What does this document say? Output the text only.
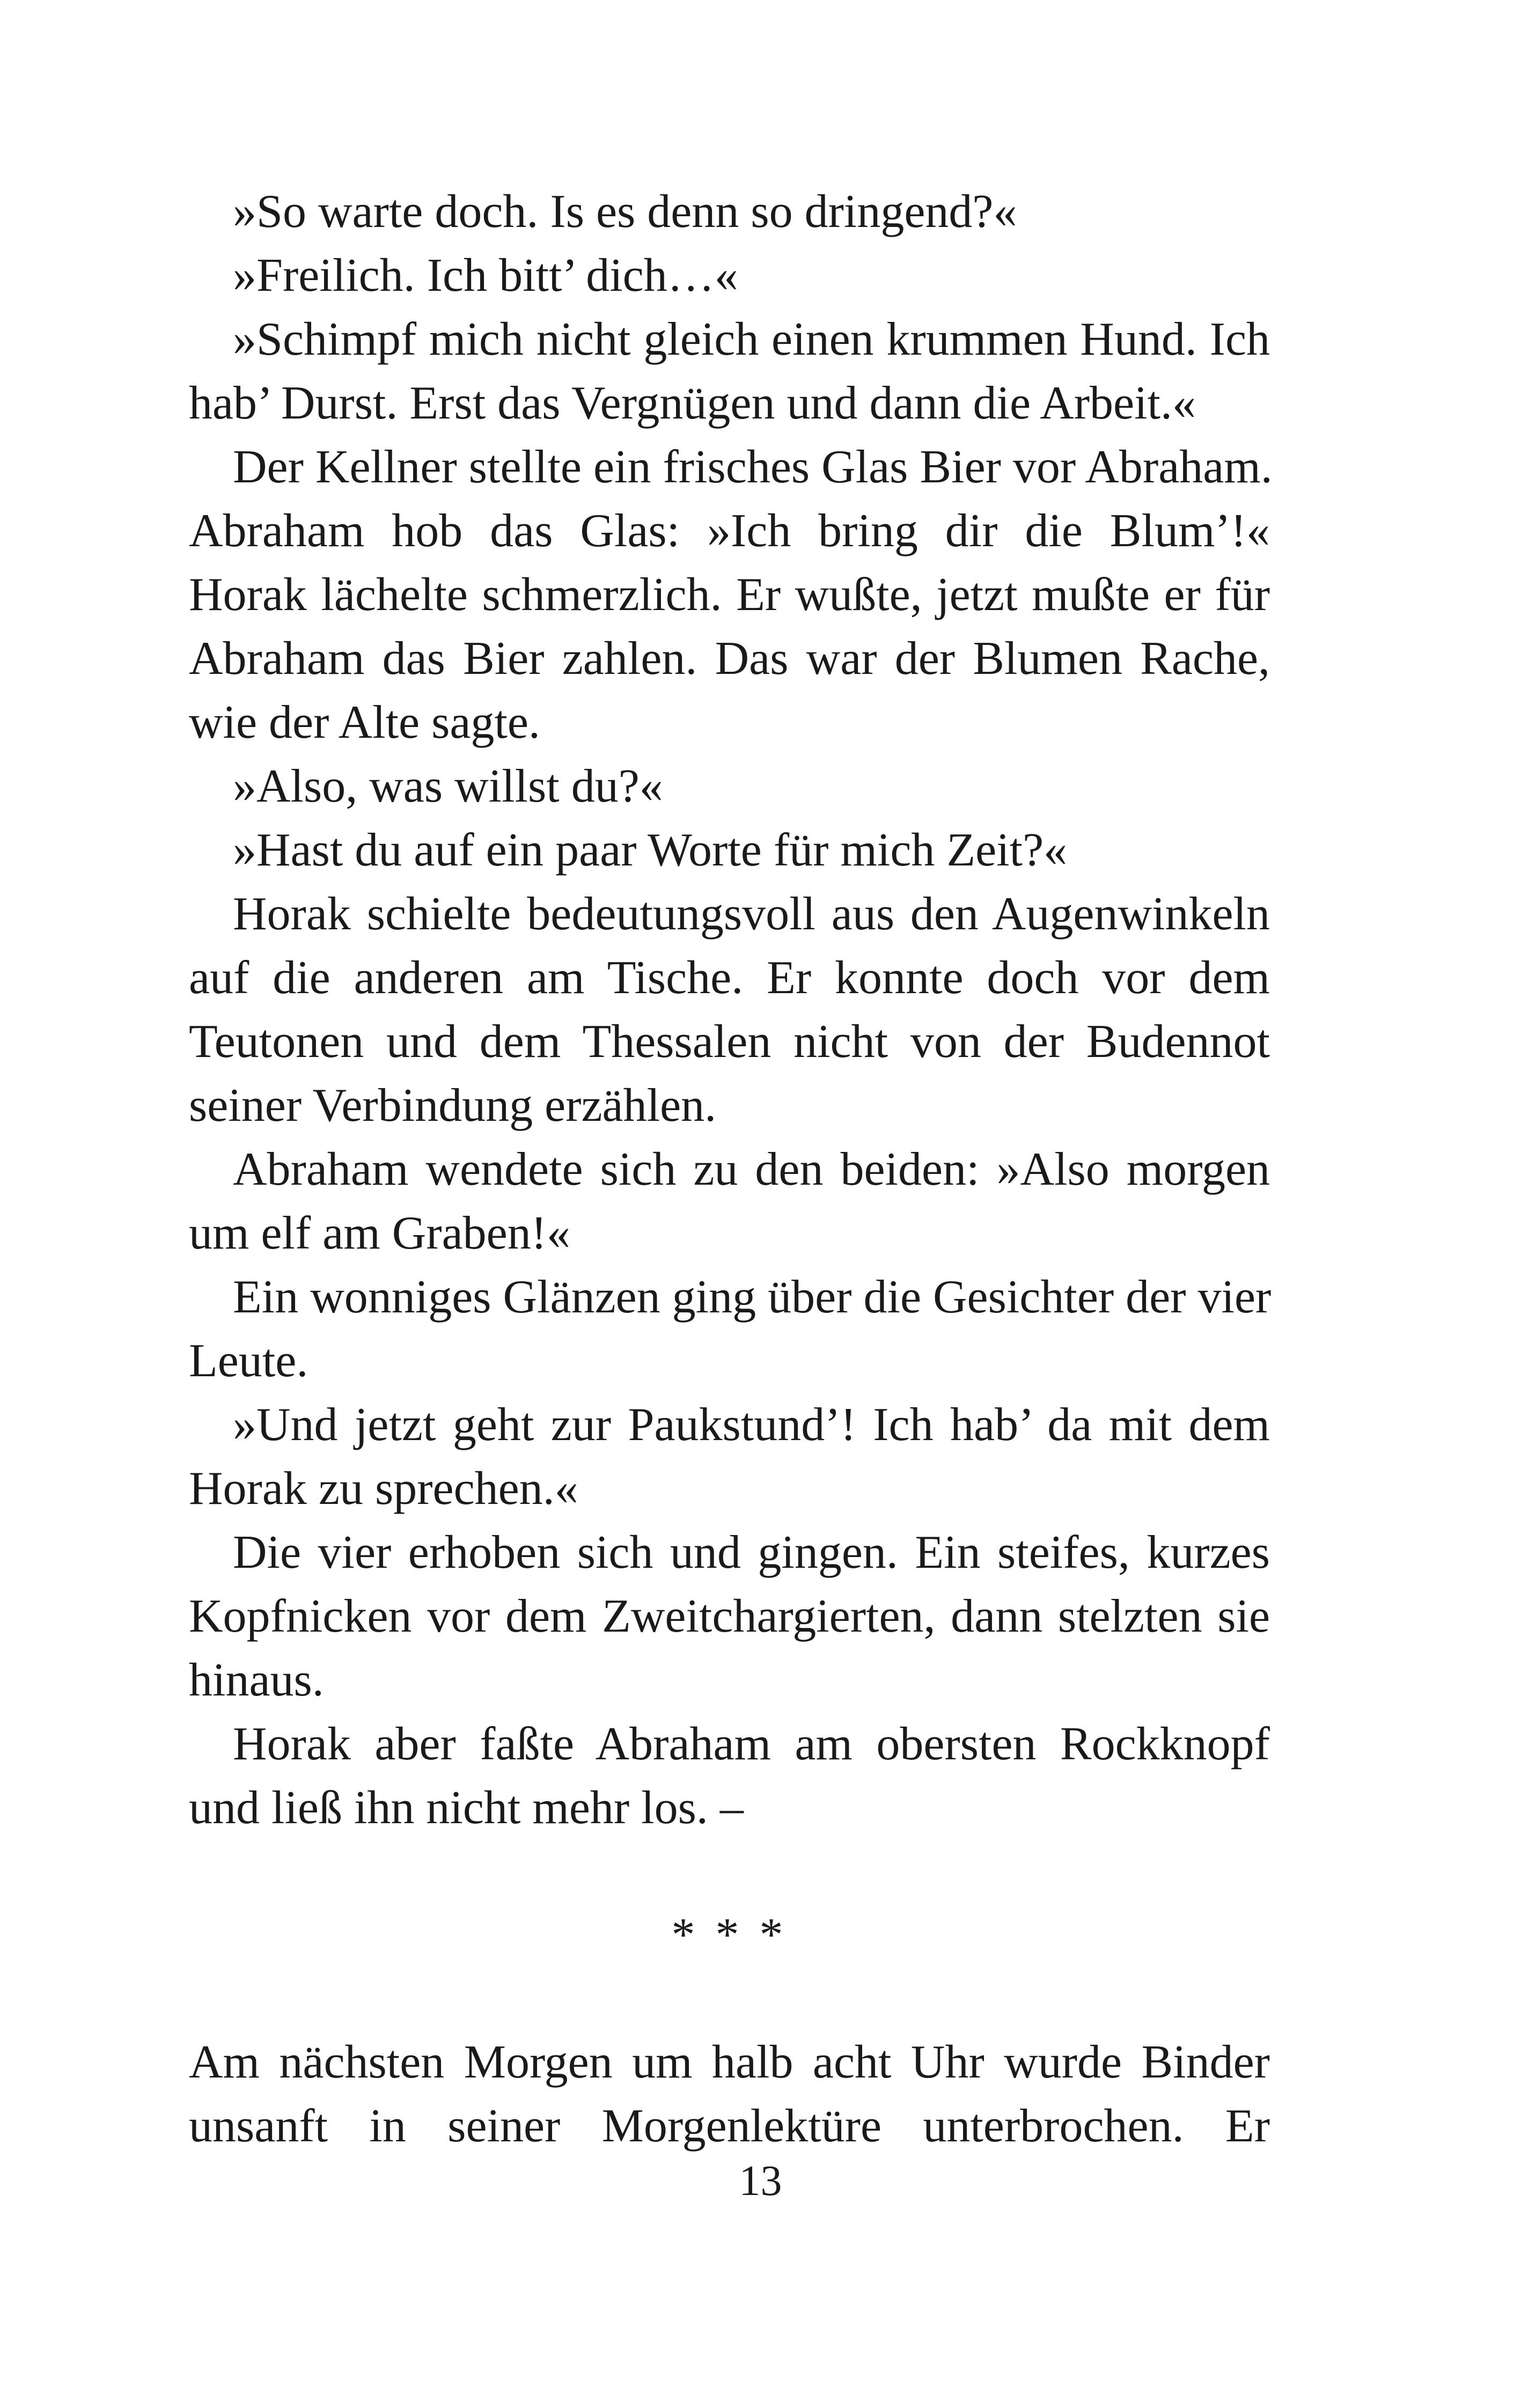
»So warte doch. Is es denn so dringend?«
»Freilich. Ich bitt’ dich…«
»Schimpf mich nicht gleich einen krummen Hund. Ich
hab’ Durst. Erst das Vergnügen und dann die Arbeit.«
Der Kellner stellte ein frisches Glas Bier vor Abraham.
Abraham hob das Glas: »Ich bring dir die Blum’!«
Horak lächelte schmerzlich. Er wußte, jetzt mußte er für
Abraham das Bier zahlen. Das war der Blumen Rache,
wie der Alte sagte.
»Also, was willst du?«
»Hast du auf ein paar Worte für mich Zeit?«
Horak schielte bedeutungsvoll aus den Augenwinkeln
auf die anderen am Tische. Er konnte doch vor dem
Teutonen und dem Thessalen nicht von der Budennot
seiner Verbindung erzählen.
Abraham wendete sich zu den beiden: »Also morgen
um elf am Graben!«
Ein wonniges Glänzen ging über die Gesichter der vier
Leute.
»Und jetzt geht zur Paukstund’! Ich hab’ da mit dem
Horak zu sprechen.«
Die vier erhoben sich und gingen. Ein steifes, kurzes
Kopfnicken vor dem Zweitchargierten, dann stelzten sie
hinaus.
Horak aber faßte Abraham am obersten Rockknopf
und ließ ihn nicht mehr los. –
* * *
Am nächsten Morgen um halb acht Uhr wurde Binder
unsanft in seiner Morgenlektüre unterbrochen. Er
13
